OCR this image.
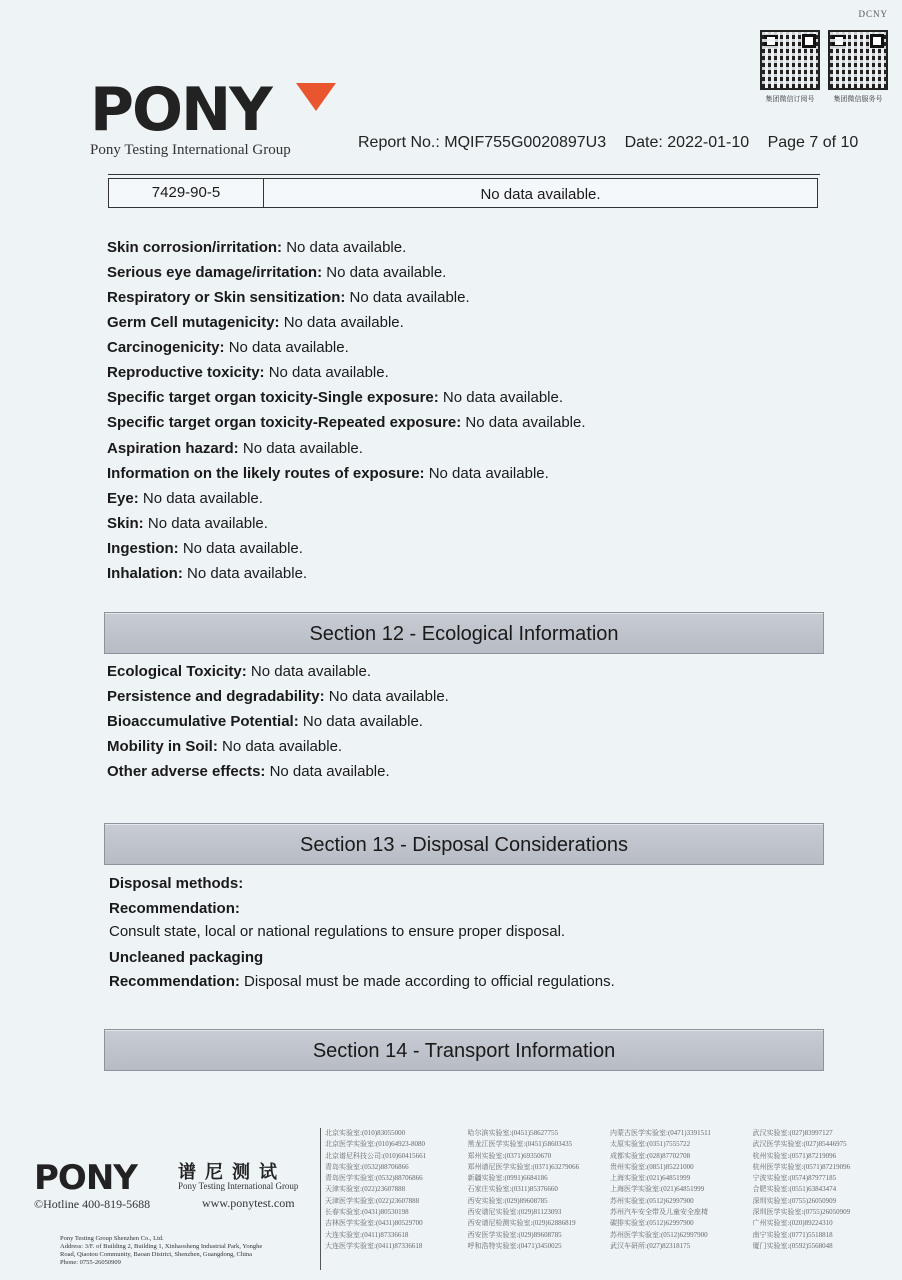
DCNY
集团微信订阅号	集团微信服务号
PONY
Pony Testing International Group	Report No.: MQIF755G0020897U3 Date: 2022-01-10 Page 7 of 10
7429-90-5	No data available.
Skin corrosion/irritation: No data available.
Serious eye damage/irritation: No data available.
Respiratory or Skin sensitization: No data available.
Germ Cell mutagenicity: No data available.
Carcinogenicity: No data available.
Reproductive toxicity: No data available.
Specific target organ toxicity-Single exposure: No data available.
Specific target organ toxicity-Repeated exposure: No data available.
Aspiration hazard: No data available.
Information on the likely routes of exposure: No data available.
Eye: No data available.
Skin: No data available.
Ingestion: No data available.
Inhalation: No data available.
Section 12 - Ecological Information
Ecological Toxicity: No data available.
Persistence and degradability: No data available.
Bioaccumulative Potential: No data available.
Mobility in Soil: No data available.
Other adverse effects: No data available.
Section 13 - Disposal Considerations
Disposal methods:
Recommendation:
Consult state, local or national regulations to ensure proper disposal.
Uncleaned packaging
Recommendation: Disposal must be made according to official regulations.
Section 14 - Transport Information
PONY 谱尼测试
Pony Testing International Group
©Hotline 400-819-5688	www.ponytest.com
Pony Testing Group Shenzhen Co., Ltd.
Address: 3/F. of Building 2, Building 1, Xinhaosheng Industrial Park, Yonghe
Road, Qiaotou Community, Baoan District, Shenzhen, Guangdong, China
Phone: 0755-26050909
北京实验室:(010)83055000
北京医学实验室:(010)64923-8080
北京谱尼科技公司:(010)60415661
青岛实验室:(0532)88706866
青岛医学实验室:(0532)88706866
天津实验室:(022)23607888
天津医学实验室:(022)23607888
长春实验室:(0431)80530198
吉林医学实验室:(0431)80529700
大连实验室:(0411)87336618
大连医学实验室:(0411)87336618
哈尔滨实验室:(0451)58627755
黑龙江医学实验室:(0451)58603435
郑州实验室:(0371)69350670
郑州谱尼医学实验室:(0371)63279066
新疆实验室:(0991)6684186
石家庄实验室:(0311)85376660
西安实验室:(029)89608785
西安谱尼实验室:(029)81123093
西安谱尼检测实验室:(029)62886819
西安医学实验室:(029)89608785
呼和浩特实验室:(0471)3450025
内蒙古医学实验室:(0471)3391511
太原实验室:(0351)7555722
成都实验室:(028)87702708
贵州实验室:(0851)85221000
上海实验室:(021)64851999
上海医学实验室:(021)64851999
苏州实验室:(0512)62997900
苏州汽车安全带及儿童安全座椅
碳排实验室:(0512)62997900
苏州医学实验室:(0512)62997900
武汉车研所:(027)82318175
武汉实验室:(027)83997127
武汉医学实验室:(027)85446975
杭州实验室:(0571)87219096
杭州医学实验室:(0571)87219096
宁波实验室:(0574)87977185
合肥实验室:(0551)63843474
深圳实验室:(0755)26050909
深圳医学实验室:(0755)26050909
广州实验室:(020)89224310
南宁实验室:(0771)5518818
厦门实验室:(0592)5568048
